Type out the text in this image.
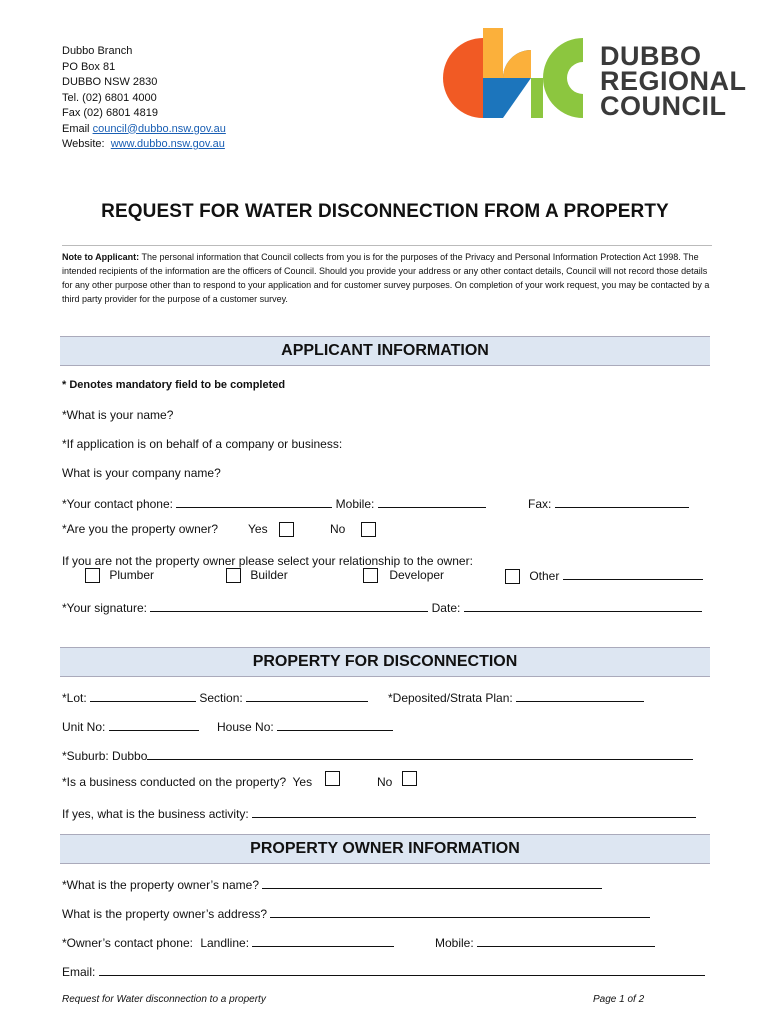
Dubbo Branch
PO Box 81
DUBBO NSW 2830
Tel. (02) 6801 4000
Fax (02) 6801 4819
Email council@dubbo.nsw.gov.au
Website: www.dubbo.nsw.gov.au
DUBBO
REGIONAL
COUNCIL
REQUEST FOR WATER DISCONNECTION FROM A PROPERTY
Note to Applicant: The personal information that Council collects from you is for the purposes of the Privacy and Personal Information Protection Act 1998. The intended recipients of the information are the officers of Council. Should you provide your address or any other contact details, Council will not record those details for any other purpose other than to respond to your application and for customer survey purposes. On completion of your work request, you may be contacted by a third party provider for the purpose of a customer survey.
APPLICANT INFORMATION
* Denotes mandatory field to be completed
*What is your name?
*If application is on behalf of a company or business:
What is your company name?
*Your contact phone:	Mobile:	Fax:
*Are you the property owner? Yes	No
If you are not the property owner please select your relationship to the owner:
Plumber	Builder	Developer	Other
*Your signature:	Date:
PROPERTY FOR DISCONNECTION
*Lot:	Section:	*Deposited/Strata Plan:
Unit No:	House No:
*Suburb: Dubbo
*Is a business conducted on the property? Yes	No
If yes, what is the business activity:
PROPERTY OWNER INFORMATION
*What is the property owner’s name?
What is the property owner’s address?
*Owner’s contact phone: Landline:	Mobile:
Email:
Request for Water disconnection to a property	Page 1 of 2
